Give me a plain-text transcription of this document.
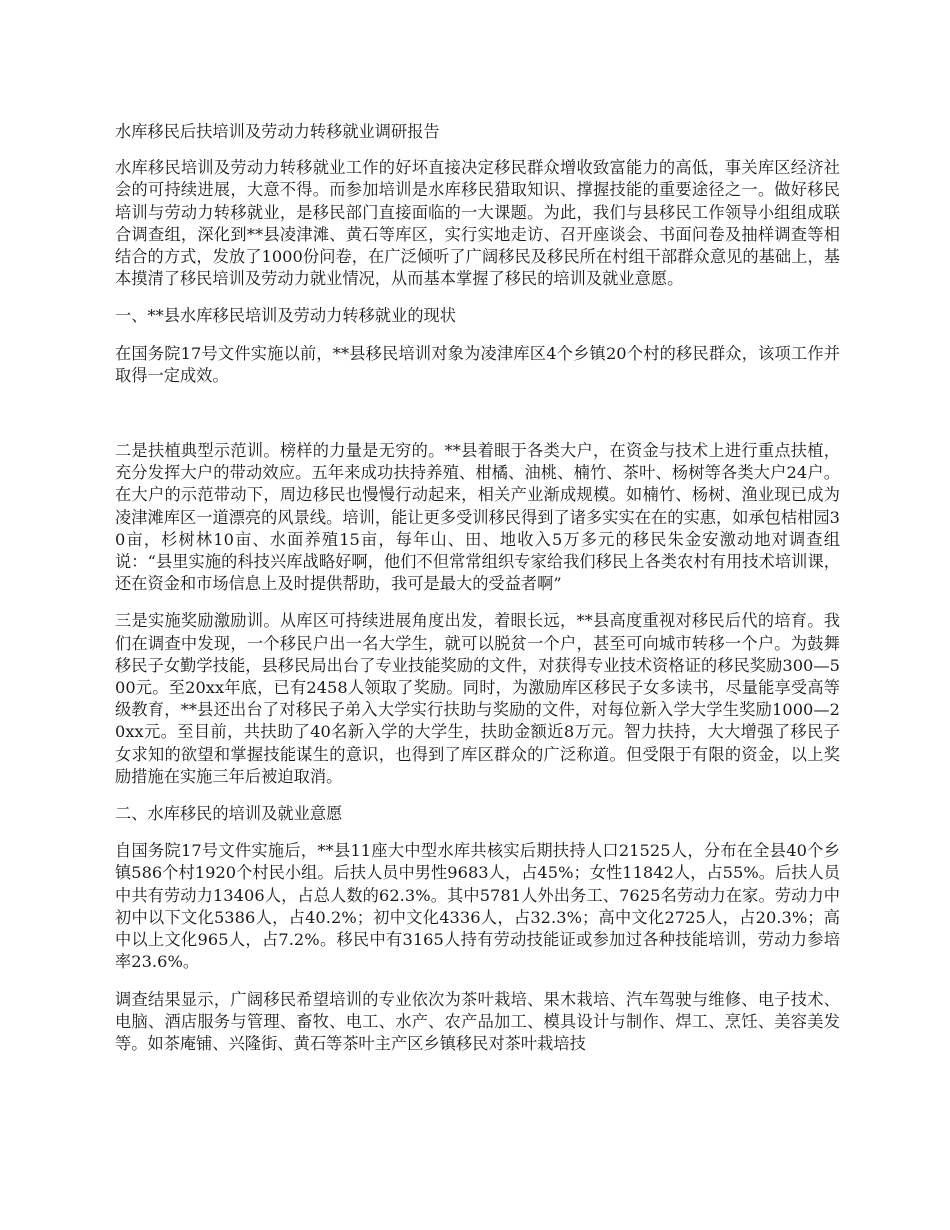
水库移民后扶培训及劳动力转移就业调研报告

水库移民培训及劳动力转移就业工作的好坏直接决定移民群众增收致富能力的高低，事关库区经济社会的可持续进展，大意不得。而参加培训是水库移民猎取知识、撑握技能的重要途径之一。做好移民培训与劳动力转移就业，是移民部门直接面临的一大课题。为此，我们与县移民工作领导小组组成联合调查组，深化到**县凌津滩、黄石等库区，实行实地走访、召开座谈会、书面问卷及抽样调查等相结合的方式，发放了1000份问卷，在广泛倾听了广阔移民及移民所在村组干部群众意见的基础上，基本摸清了移民培训及劳动力就业情况，从而基本掌握了移民的培训及就业意愿。

一、**县水库移民培训及劳动力转移就业的现状

在国务院17号文件实施以前，**县移民培训对象为凌津库区4个乡镇20个村的移民群众，该项工作并取得一定成效。

二是扶植典型示范训。榜样的力量是无穷的。**县着眼于各类大户，在资金与技术上进行重点扶植，充分发挥大户的带动效应。五年来成功扶持养殖、柑橘、油桃、楠竹、茶叶、杨树等各类大户24户。在大户的示范带动下，周边移民也慢慢行动起来，相关产业渐成规模。如楠竹、杨树、渔业现已成为凌津滩库区一道漂亮的风景线。培训，能让更多受训移民得到了诸多实实在在的实惠，如承包桔柑园30亩，杉树林10亩、水面养殖15亩，每年山、田、地收入5万多元的移民朱金安激动地对调查组说：“县里实施的科技兴库战略好啊，他们不但常常组织专家给我们移民上各类农村有用技术培训课，还在资金和市场信息上及时提供帮助，我可是最大的受益者啊”

三是实施奖励激励训。从库区可持续进展角度出发，着眼长远，**县高度重视对移民后代的培育。我们在调查中发现，一个移民户出一名大学生，就可以脱贫一个户，甚至可向城市转移一个户。为鼓舞移民子女勤学技能，县移民局出台了专业技能奖励的文件，对获得专业技术资格证的移民奖励300—500元。至20xx年底，已有2458人领取了奖励。同时，为激励库区移民子女多读书，尽量能享受高等级教育，**县还出台了对移民子弟入大学实行扶助与奖励的文件，对每位新入学大学生奖励1000—20xx元。至目前，共扶助了40名新入学的大学生，扶助金额近8万元。智力扶持，大大增强了移民子女求知的欲望和掌握技能谋生的意识，也得到了库区群众的广泛称道。但受限于有限的资金，以上奖励措施在实施三年后被迫取消。

二、水库移民的培训及就业意愿

自国务院17号文件实施后，**县11座大中型水库共核实后期扶持人口21525人，分布在全县40个乡镇586个村1920个村民小组。后扶人员中男性9683人，占45%；女性11842人，占55%。后扶人员中共有劳动力13406人，占总人数的62.3%。其中5781人外出务工、7625名劳动力在家。劳动力中初中以下文化5386人，占40.2%；初中文化4336人，占32.3%；高中文化2725人，占20.3%；高中以上文化965人，占7.2%。移民中有3165人持有劳动技能证或参加过各种技能培训，劳动力参培率23.6%。

调查结果显示，广阔移民希望培训的专业依次为茶叶栽培、果木栽培、汽车驾驶与维修、电子技术、电脑、酒店服务与管理、畜牧、电工、水产、农产品加工、模具设计与制作、焊工、烹饪、美容美发等。如茶庵铺、兴隆街、黄石等茶叶主产区乡镇移民对茶叶栽培技
